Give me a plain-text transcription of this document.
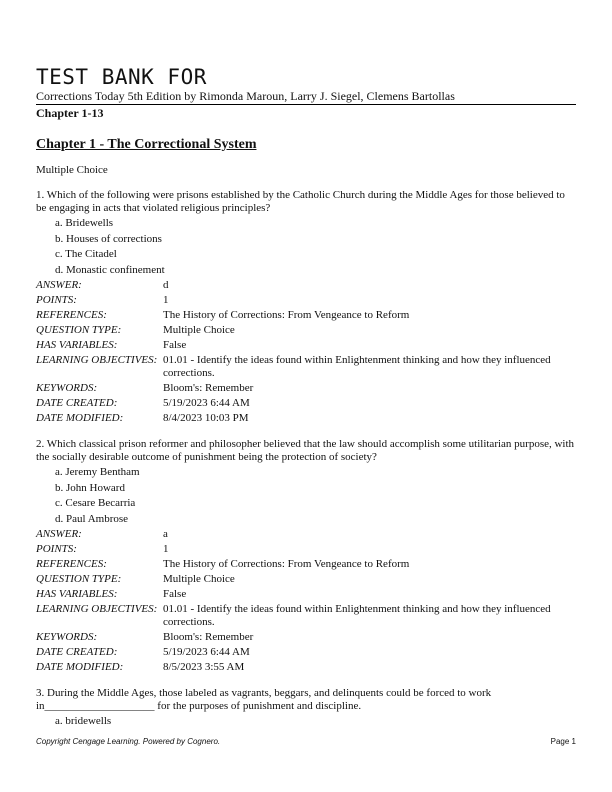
TEST BANK FOR
Corrections Today 5th Edition by Rimonda Maroun, Larry J. Siegel, Clemens Bartollas
Chapter 1-13
Chapter 1 - The Correctional System
Multiple Choice
1. Which of the following were prisons established by the Catholic Church during the Middle Ages for those believed to be engaging in acts that violated religious principles?
a. Bridewells
b. Houses of corrections
c. The Citadel
d. Monastic confinement
ANSWER:	d
POINTS:	1
REFERENCES:	The History of Corrections: From Vengeance to Reform
QUESTION TYPE:	Multiple Choice
HAS VARIABLES:	False
LEARNING OBJECTIVES: 01.01 - Identify the ideas found within Enlightenment thinking and how they influenced corrections.
KEYWORDS:	Bloom's: Remember
DATE CREATED:	5/19/2023 6:44 AM
DATE MODIFIED:	8/4/2023 10:03 PM
2. Which classical prison reformer and philosopher believed that the law should accomplish some utilitarian purpose, with the socially desirable outcome of punishment being the protection of society?
a. Jeremy Bentham
b. John Howard
c. Cesare Becarria
d. Paul Ambrose
ANSWER:	a
POINTS:	1
REFERENCES:	The History of Corrections: From Vengeance to Reform
QUESTION TYPE:	Multiple Choice
HAS VARIABLES:	False
LEARNING OBJECTIVES: 01.01 - Identify the ideas found within Enlightenment thinking and how they influenced corrections.
KEYWORDS:	Bloom's: Remember
DATE CREATED:	5/19/2023 6:44 AM
DATE MODIFIED:	8/5/2023 3:55 AM
3. During the Middle Ages, those labeled as vagrants, beggars, and delinquents could be forced to work in____________________ for the purposes of punishment and discipline.
a. bridewells
Copyright Cengage Learning. Powered by Cognero.	Page 1
